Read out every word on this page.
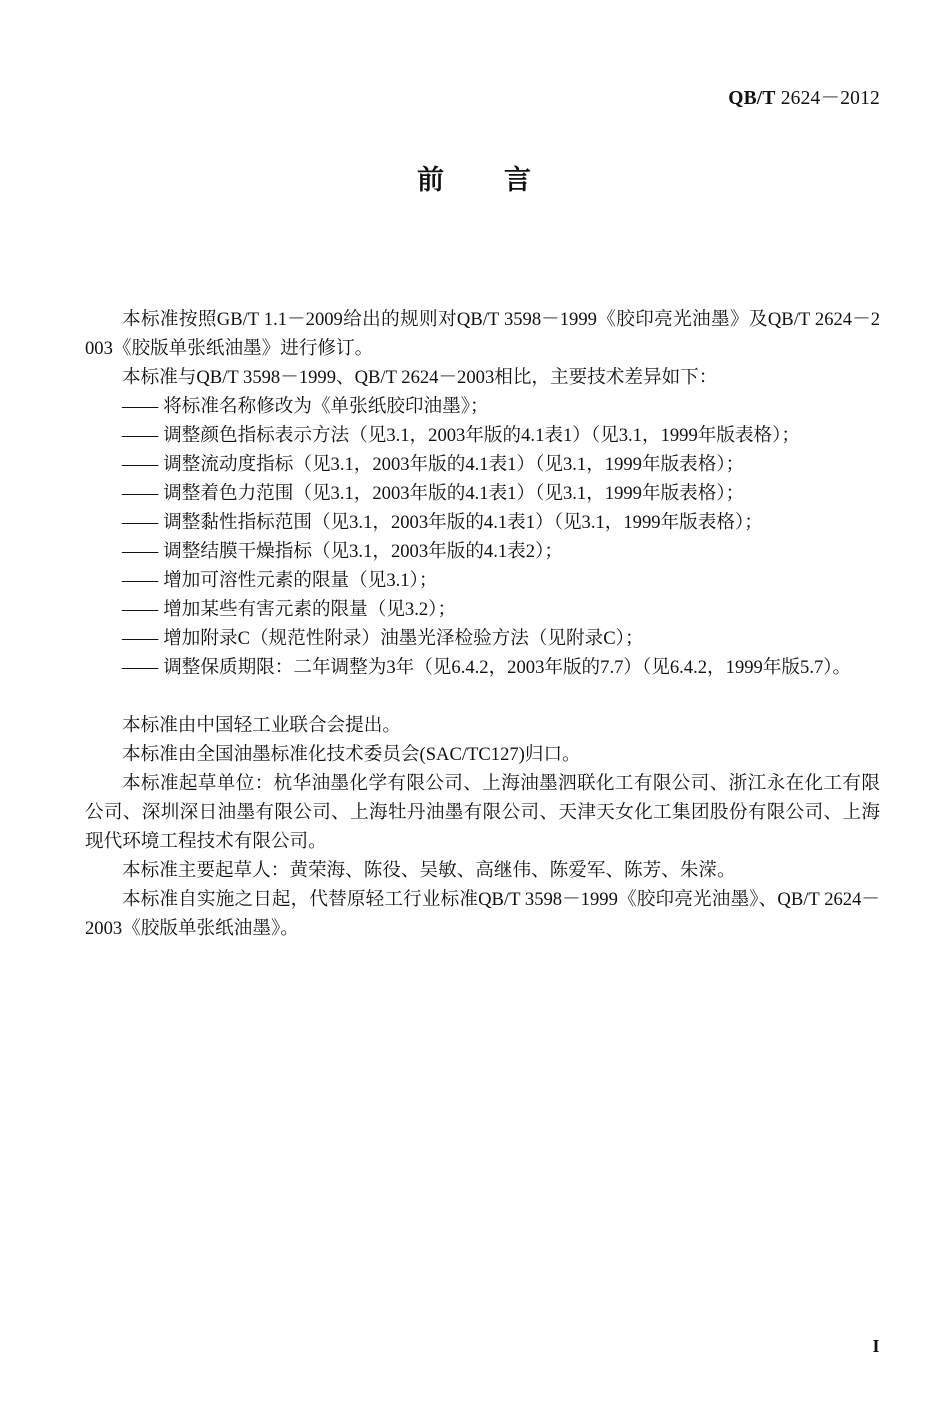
QB/T 2624－2012
前　　言

本标准按照GB/T 1.1－2009给出的规则对QB/T 3598－1999《胶印亮光油墨》及QB/T 2624－2003《胶版单张纸油墨》进行修订。

本标准与QB/T 3598－1999、QB/T 2624－2003相比，主要技术差异如下：

—— 将标准名称修改为《单张纸胶印油墨》；
—— 调整颜色指标表示方法（见3.1，2003年版的4.1表1）（见3.1，1999年版表格）；
—— 调整流动度指标（见3.1，2003年版的4.1表1）（见3.1，1999年版表格）；
—— 调整着色力范围（见3.1，2003年版的4.1表1）（见3.1，1999年版表格）；
—— 调整黏性指标范围（见3.1，2003年版的4.1表1）（见3.1，1999年版表格）；
—— 调整结膜干燥指标（见3.1，2003年版的4.1表2）；
—— 增加可溶性元素的限量（见3.1）；
—— 增加某些有害元素的限量（见3.2）；
—— 增加附录C（规范性附录）油墨光泽检验方法（见附录C）；
—— 调整保质期限：二年调整为3年（见6.4.2，2003年版的7.7）（见6.4.2，1999年版5.7）。

本标准由中国轻工业联合会提出。

本标准由全国油墨标准化技术委员会(SAC/TC127)归口。

本标准起草单位：杭华油墨化学有限公司、上海油墨泗联化工有限公司、浙江永在化工有限公司、深圳深日油墨有限公司、上海牡丹油墨有限公司、天津天女化工集团股份有限公司、上海现代环境工程技术有限公司。

本标准主要起草人：黄荣海、陈役、吴敏、高继伟、陈爱军、陈芳、朱溁。

本标准自实施之日起，代替原轻工行业标准QB/T 3598－1999《胶印亮光油墨》、QB/T 2624－2003《胶版单张纸油墨》。

I
